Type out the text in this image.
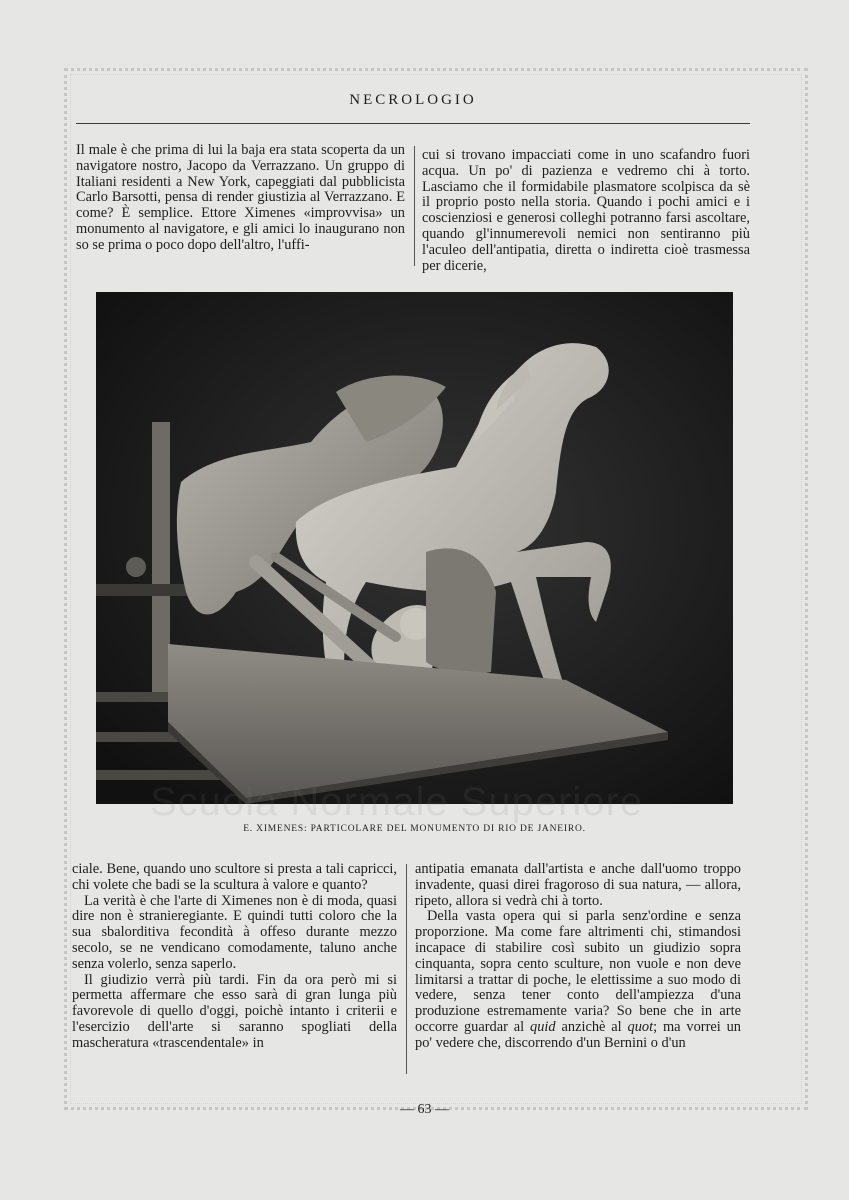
NECROLOGIO

Il male è che prima di lui la baja era stata scoperta da un navigatore nostro, Jacopo da Verrazzano. Un gruppo di Italiani residenti a New York, capeggiati dal pubblicista Carlo Barsotti, pensa di render giustizia al Verrazzano. E come? È semplice. Ettore Ximenes «improvvisa» un monumento al navigatore, e gli amici lo inaugurano non so se prima o poco dopo dell'altro, l'uffi-

cui si trovano impacciati come in uno scafandro fuori acqua. Un po' di pazienza e vedremo chi à torto. Lasciamo che il formidabile plasmatore scolpisca da sè il proprio posto nella storia. Quando i pochi amici e i coscienziosi e generosi colleghi potranno farsi ascoltare, quando gl'innumerevoli nemici non sentiranno più l'aculeo dell'antipatia, diretta o indiretta cioè trasmessa per dicerie,

E. XIMENES: PARTICOLARE DEL MONUMENTO DI RIO DE JANEIRO.
Scuola Normale Superiore

ciale. Bene, quando uno scultore si presta a tali capricci, chi volete che badi se la scultura à valore e quanto?

La verità è che l'arte di Ximenes non è di moda, quasi dire non è stranieregiante. E quindi tutti coloro che la sua sbalorditiva fecondità à offeso durante mezzo secolo, se ne vendicano comodamente, taluno anche senza volerlo, senza saperlo.

Il giudizio verrà più tardi. Fin da ora però mi si permetta affermare che esso sarà di gran lunga più favorevole di quello d'oggi, poichè intanto i criterii e l'esercizio dell'arte si saranno spogliati della mascheratura «trascendentale» in

antipatia emanata dall'artista e anche dall'uomo troppo invadente, quasi direi fragoroso di sua natura, — allora, ripeto, allora si vedrà chi à torto.

Della vasta opera qui si parla senz'ordine e senza proporzione. Ma come fare altrimenti chi, stimandosi incapace di stabilire così subito un giudizio sopra cinquanta, sopra cento sculture, non vuole e non deve limitarsi a trattar di poche, le elettissime a suo modo di vedere, senza tener conto dell'ampiezza d'una produzione estremamente varia? So bene che in arte occorre guardar al quid anzichè al quot; ma vorrei un po' vedere che, discorrendo d'un Bernini o d'un

— 63 —
